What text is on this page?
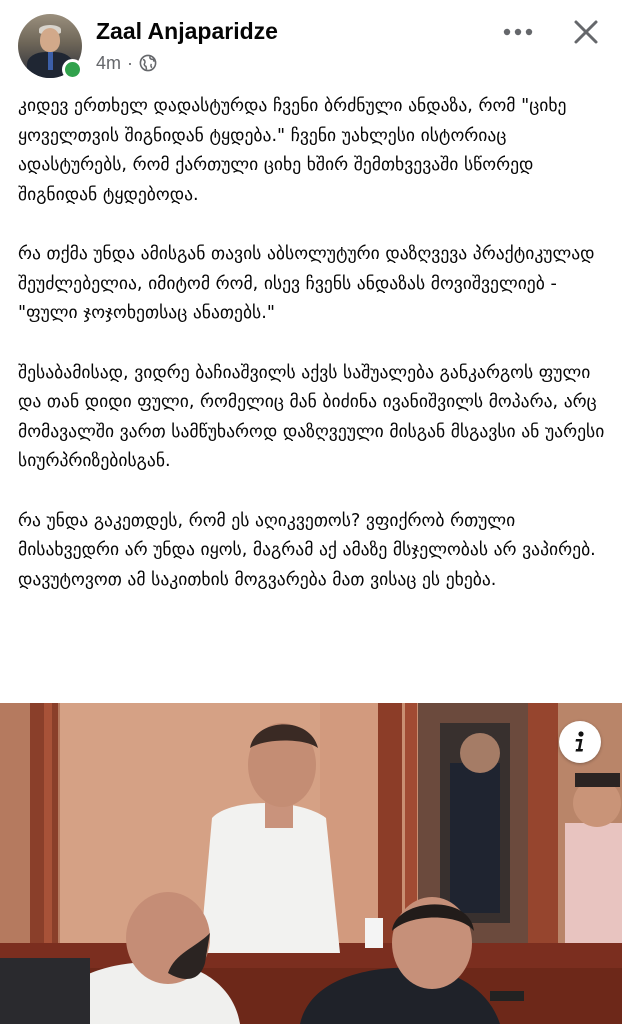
Zaal Anjaparidze
4m ·

კიდევ ერთხელ დადასტურდა ჩვენი ბრძნული ანდაზა, რომ "ციხე ყოველთვის შიგნიდან ტყდება." ჩვენი უახლესი ისტორიაც ადასტურებს, რომ ქართული ციხე ხშირ შემთხვევაში სწორედ შიგნიდან ტყდებოდა.

რა თქმა უნდა ამისგან თავის აბსოლუტური დაზღვევა პრაქტიკულად შეუძლებელია, იმიტომ რომ, ისევ ჩვენს ანდაზას მოვიშველიებ - "ფული ჯოჯოხეთსაც ანათებს."

შესაბამისად, ვიდრე ბაჩიაშვილს აქვს საშუალება განკარგოს ფული და თან დიდი ფული, რომელიც მან ბიძინა ივანიშვილს მოპარა, არც მომავალში ვართ სამწუხაროდ დაზღვეული მისგან მსგავსი ან უარესი სიურპრიზებისგან.

რა უნდა გაკეთდეს, რომ ეს აღიკვეთოს? ვფიქრობ რთული მისახვედრი არ უნდა იყოს, მაგრამ აქ ამაზე მსჯელობას არ ვაპირებ. დავუტოვოთ ამ საკითხის მოგვარება მათ ვისაც ეს ეხება.
